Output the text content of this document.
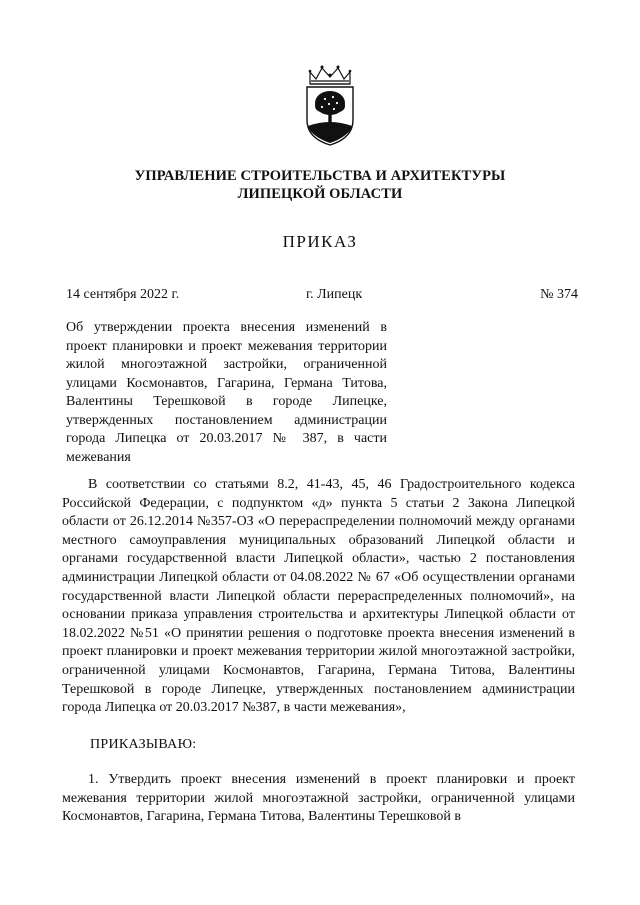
УПРАВЛЕНИЕ СТРОИТЕЛЬСТВА И АРХИТЕКТУРЫ
ЛИПЕЦКОЙ ОБЛАСТИ
ПРИКАЗ
14 сентября 2022 г.	г. Липецк	№ 374
Об утверждении проекта внесения изменений в проект планировки и проект межевания территории жилой многоэтажной застройки, ограниченной улицами Космонавтов, Гагарина, Германа Титова, Валентины Терешковой в городе Липецке, утвержденных постановлением администрации города Липецка от 20.03.2017 № 387, в части межевания
В соответствии со статьями 8.2, 41-43, 45, 46 Градостроительного кодекса Российской Федерации, с подпунктом «д» пункта 5 статьи 2 Закона Липецкой области от 26.12.2014 №357-ОЗ «О перераспределении полномочий между органами местного самоуправления муниципальных образований Липецкой области и органами государственной власти Липецкой области», частью 2 постановления администрации Липецкой области от 04.08.2022 № 67 «Об осуществлении органами государственной власти Липецкой области перераспределенных полномочий», на основании приказа управления строительства и архитектуры Липецкой области от 18.02.2022 №51 «О принятии решения о подготовке проекта внесения изменений в проект планировки и проект межевания территории жилой многоэтажной застройки, ограниченной улицами Космонавтов, Гагарина, Германа Титова, Валентины Терешковой в городе Липецке, утвержденных постановлением администрации города Липецка от 20.03.2017 №387, в части межевания»,
ПРИКАЗЫВАЮ:
1. Утвердить проект внесения изменений в проект планировки и проект межевания территории жилой многоэтажной застройки, ограниченной улицами Космонавтов, Гагарина, Германа Титова, Валентины Терешковой в
